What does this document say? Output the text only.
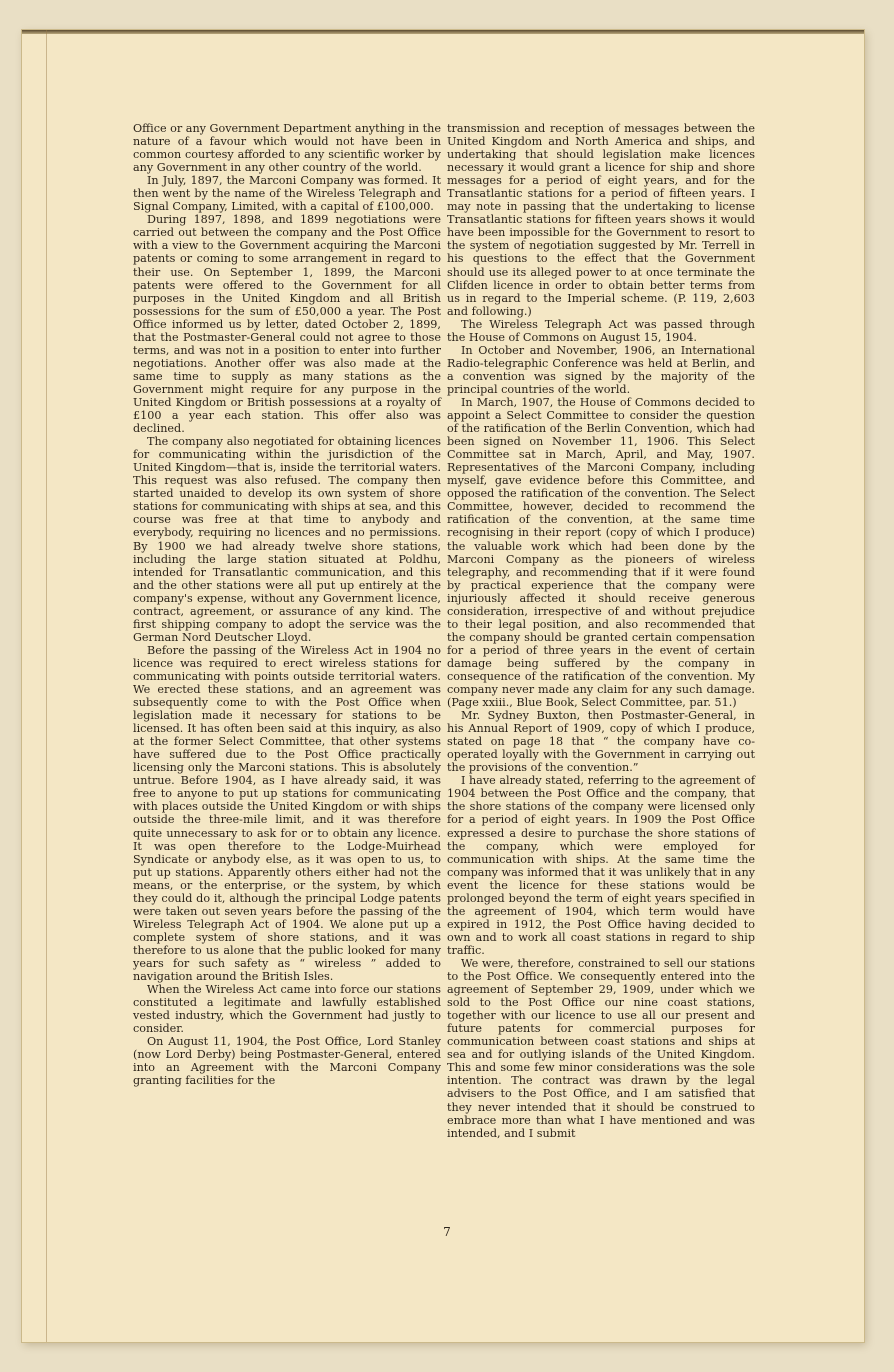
Office or any Government Department anything in the nature of a favour which would not have been in common courtesy afforded to any scientific worker by any Government in any other country of the world.

In July, 1897, the Marconi Company was formed. It then went by the name of the Wireless Telegraph and Signal Company, Limited, with a capital of £100,000.

During 1897, 1898, and 1899 negotiations were carried out between the company and the Post Office with a view to the Government acquiring the Marconi patents or coming to some arrangement in regard to their use. On September 1, 1899, the Marconi patents were offered to the Government for all purposes in the United Kingdom and all British possessions for the sum of £50,000 a year. The Post Office informed us by letter, dated October 2, 1899, that the Postmaster-General could not agree to those terms, and was not in a position to enter into further negotiations. Another offer was also made at the same time to supply as many stations as the Government might require for any purpose in the United Kingdom or British possessions at a royalty of £100 a year each station. This offer also was declined.

The company also negotiated for obtaining licences for communicating within the jurisdiction of the United Kingdom—that is, inside the territorial waters. This request was also refused. The company then started unaided to develop its own system of shore stations for communicating with ships at sea, and this course was free at that time to anybody and everybody, requiring no licences and no permissions. By 1900 we had already twelve shore stations, including the large station situated at Poldhu, intended for Transatlantic communication, and this and the other stations were all put up entirely at the company's expense, without any Government licence, contract, agreement, or assurance of any kind. The first shipping company to adopt the service was the German Nord Deutscher Lloyd.

Before the passing of the Wireless Act in 1904 no licence was required to erect wireless stations for communicating with points outside territorial waters. We erected these stations, and an agreement was subsequently come to with the Post Office when legislation made it necessary for stations to be licensed. It has often been said at this inquiry, as also at the former Select Committee, that other systems have suffered due to the Post Office practically licensing only the Marconi stations. This is absolutely untrue. Before 1904, as I have already said, it was free to anyone to put up stations for communicating with places outside the United Kingdom or with ships outside the three-mile limit, and it was therefore quite unnecessary to ask for or to obtain any licence. It was open therefore to the Lodge-Muirhead Syndicate or anybody else, as it was open to us, to put up stations. Apparently others either had not the means, or the enterprise, or the system, by which they could do it, although the principal Lodge patents were taken out seven years before the passing of the Wireless Telegraph Act of 1904. We alone put up a complete system of shore stations, and it was therefore to us alone that the public looked for many years for such safety as “ wireless ” added to navigation around the British Isles.

When the Wireless Act came into force our stations constituted a legitimate and lawfully established vested industry, which the Government had justly to consider.

On August 11, 1904, the Post Office, Lord Stanley (now Lord Derby) being Postmaster-General, entered into an Agreement with the Marconi Company granting facilities for the

transmission and reception of messages between the United Kingdom and North America and ships, and undertaking that should legislation make licences necessary it would grant a licence for ship and shore messages for a period of eight years, and for the Transatlantic stations for a period of fifteen years. I may note in passing that the undertaking to license Transatlantic stations for fifteen years shows it would have been impossible for the Government to resort to the system of negotiation suggested by Mr. Terrell in his questions to the effect that the Government should use its alleged power to at once terminate the Clifden licence in order to obtain better terms from us in regard to the Imperial scheme. (P. 119, 2,603 and following.)

The Wireless Telegraph Act was passed through the House of Commons on August 15, 1904.

In October and November, 1906, an International Radio-telegraphic Conference was held at Berlin, and a convention was signed by the majority of the principal countries of the world.

In March, 1907, the House of Commons decided to appoint a Select Committee to consider the question of the ratification of the Berlin Convention, which had been signed on November 11, 1906. This Select Committee sat in March, April, and May, 1907. Representatives of the Marconi Company, including myself, gave evidence before this Committee, and opposed the ratification of the convention. The Select Committee, however, decided to recommend the ratification of the convention, at the same time recognising in their report (copy of which I produce) the valuable work which had been done by the Marconi Company as the pioneers of wireless telegraphy, and recommending that if it were found by practical experience that the company were injuriously affected it should receive generous consideration, irrespective of and without prejudice to their legal position, and also recommended that the company should be granted certain compensation for a period of three years in the event of certain damage being suffered by the company in consequence of the ratification of the convention. My company never made any claim for any such damage. (Page xxiii., Blue Book, Select Committee, par. 51.)

Mr. Sydney Buxton, then Postmaster-General, in his Annual Report of 1909, copy of which I produce, stated on page 18 that “ the company have co-operated loyally with the Government in carrying out the provisions of the convention.”

I have already stated, referring to the agreement of 1904 between the Post Office and the company, that the shore stations of the company were licensed only for a period of eight years. In 1909 the Post Office expressed a desire to purchase the shore stations of the company, which were employed for communication with ships. At the same time the company was informed that it was unlikely that in any event the licence for these stations would be prolonged beyond the term of eight years specified in the agreement of 1904, which term would have expired in 1912, the Post Office having decided to own and to work all coast stations in regard to ship traffic.

We were, therefore, constrained to sell our stations to the Post Office. We consequently entered into the agreement of September 29, 1909, under which we sold to the Post Office our nine coast stations, together with our licence to use all our present and future patents for commercial purposes for communication between coast stations and ships at sea and for outlying islands of the United Kingdom. This and some few minor considerations was the sole intention. The contract was drawn by the legal advisers to the Post Office, and I am satisfied that they never intended that it should be construed to embrace more than what I have mentioned and was intended, and I submit

7
